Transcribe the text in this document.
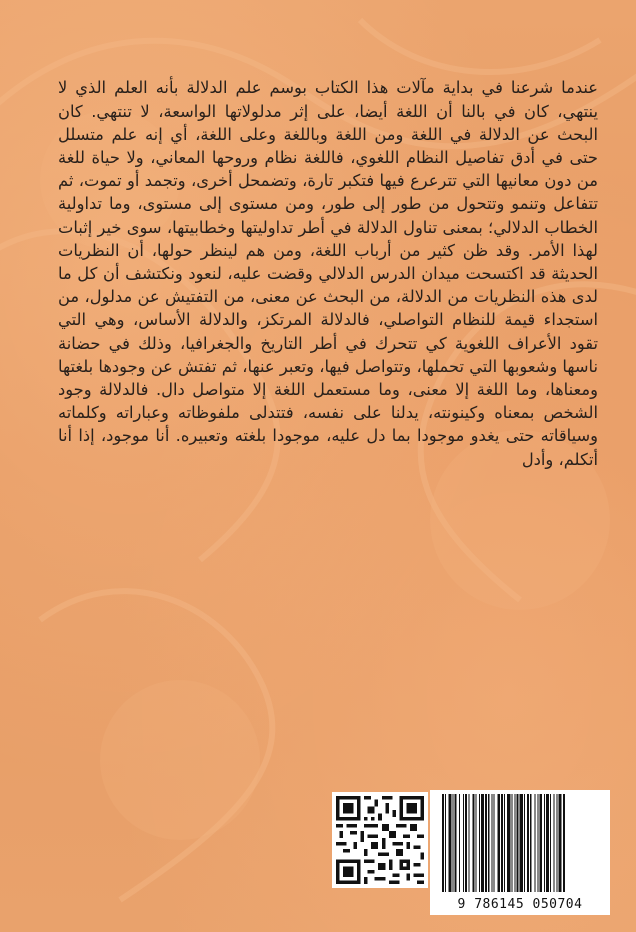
عندما شرعنا في بداية مآلات هذا الكتاب بوسم علم الدلالة بأنه العلم الذي لا ينتهي، كان في بالنا أن اللغة أيضا، على إثر مدلولاتها الواسعة، لا تنتهي. كان البحث عن الدلالة في اللغة ومن اللغة وباللغة وعلى اللغة، أي إنه علم متسلل حتى في أدق تفاصيل النظام اللغوي، فاللغة نظام وروحها المعاني، ولا حياة للغة من دون معانيها التي تترعرع فيها فتكبر تارة، وتضمحل أخرى، وتجمد أو تموت، ثم تتفاعل وتنمو وتتحول من طور إلى طور، ومن مستوى إلى مستوى، وما تداولية الخطاب الدلالي؛ بمعنى تناول الدلالة في أطر تداوليتها وخطابيتها، سوى خير إثبات لهذا الأمر. وقد ظن كثير من أرباب اللغة، ومن هم لينظر حولها، أن النظريات الحديثة قد اكتسحت ميدان الدرس الدلالي وقضت عليه، لنعود ونكتشف أن كل ما لدى هذه النظريات من الدلالة، من البحث عن معنى، من التفتيش عن مدلول، من استجداء قيمة للنظام التواصلي، فالدلالة المرتكز، والدلالة الأساس، وهي التي تقود الأعراف اللغوية كي تتحرك في أطر التاريخ والجغرافيا، وذلك في حضانة ناسها وشعوبها التي تحملها، وتتواصل فيها، وتعبر عنها، ثم تفتش عن وجودها بلغتها ومعناها، وما اللغة إلا معنى، وما مستعمل اللغة إلا متواصل دال. فالدلالة وجود الشخص بمعناه وكينونته، يدلنا على نفسه، فتتدلى ملفوظاته وعباراته وكلماته وسياقاته حتى يغدو موجودا بما دل عليه، موجودا بلغته وتعبيره. أنا موجود، إذا أنا أتكلم، وأدل

9 786145 050704
